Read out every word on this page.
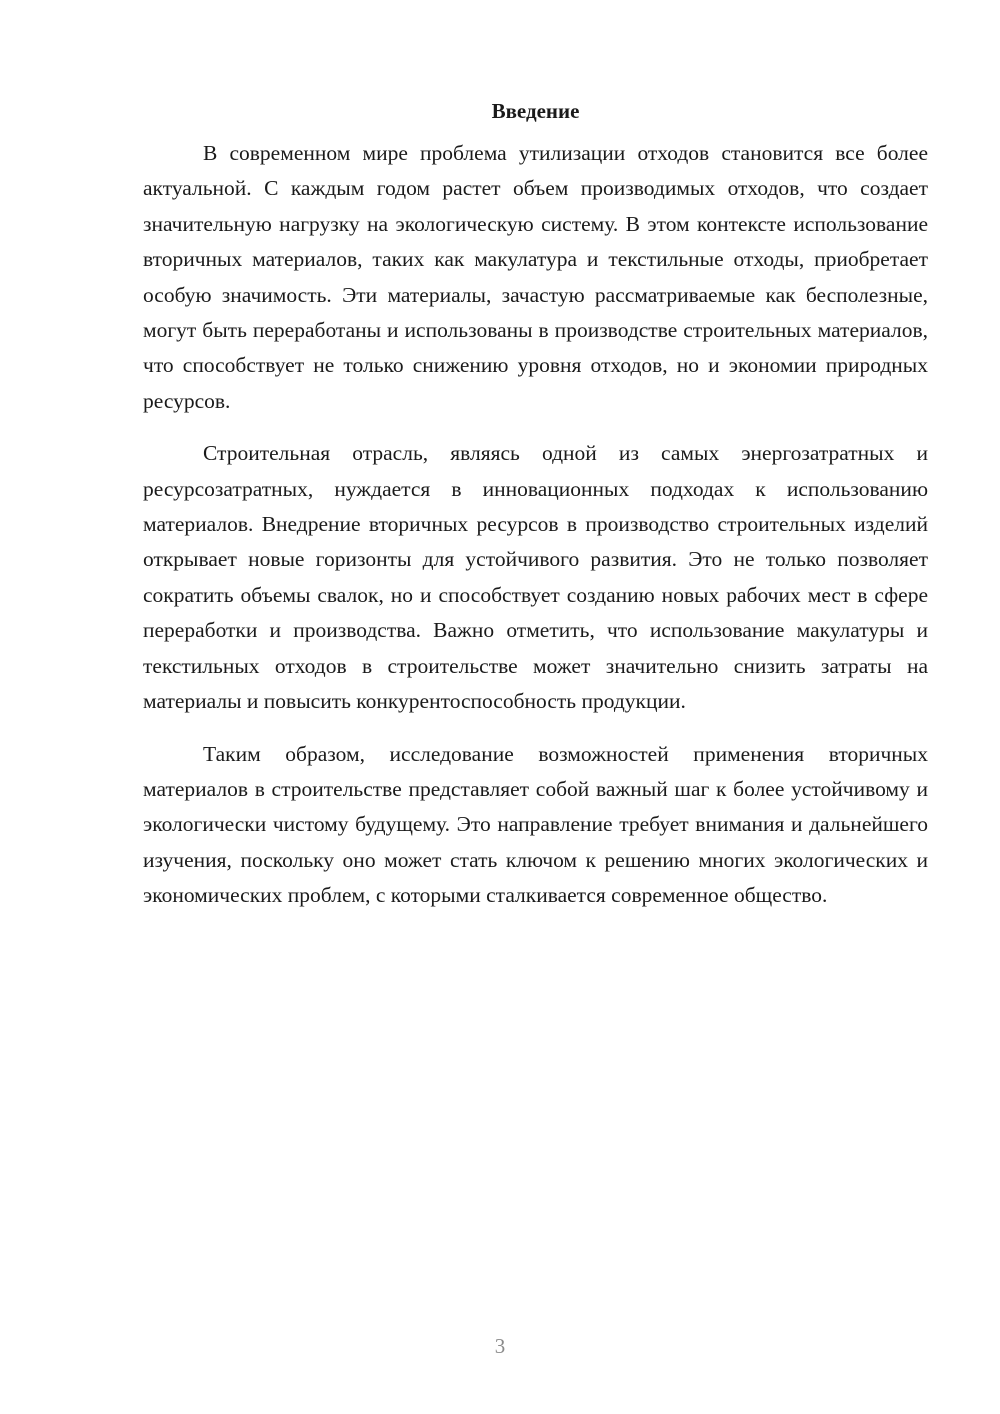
Введение

В современном мире проблема утилизации отходов становится все более актуальной. С каждым годом растет объем производимых отходов, что создает значительную нагрузку на экологическую систему. В этом контексте использование вторичных материалов, таких как макулатура и текстильные отходы, приобретает особую значимость. Эти материалы, зачастую рассматриваемые как бесполезные, могут быть переработаны и использованы в производстве строительных материалов, что способствует не только снижению уровня отходов, но и экономии природных ресурсов.

Строительная отрасль, являясь одной из самых энергозатратных и ресурсозатратных, нуждается в инновационных подходах к использованию материалов. Внедрение вторичных ресурсов в производство строительных изделий открывает новые горизонты для устойчивого развития. Это не только позволяет сократить объемы свалок, но и способствует созданию новых рабочих мест в сфере переработки и производства. Важно отметить, что использование макулатуры и текстильных отходов в строительстве может значительно снизить затраты на материалы и повысить конкурентоспособность продукции.

Таким образом, исследование возможностей применения вторичных материалов в строительстве представляет собой важный шаг к более устойчивому и экологически чистому будущему. Это направление требует внимания и дальнейшего изучения, поскольку оно может стать ключом к решению многих экологических и экономических проблем, с которыми сталкивается современное общество.

3
